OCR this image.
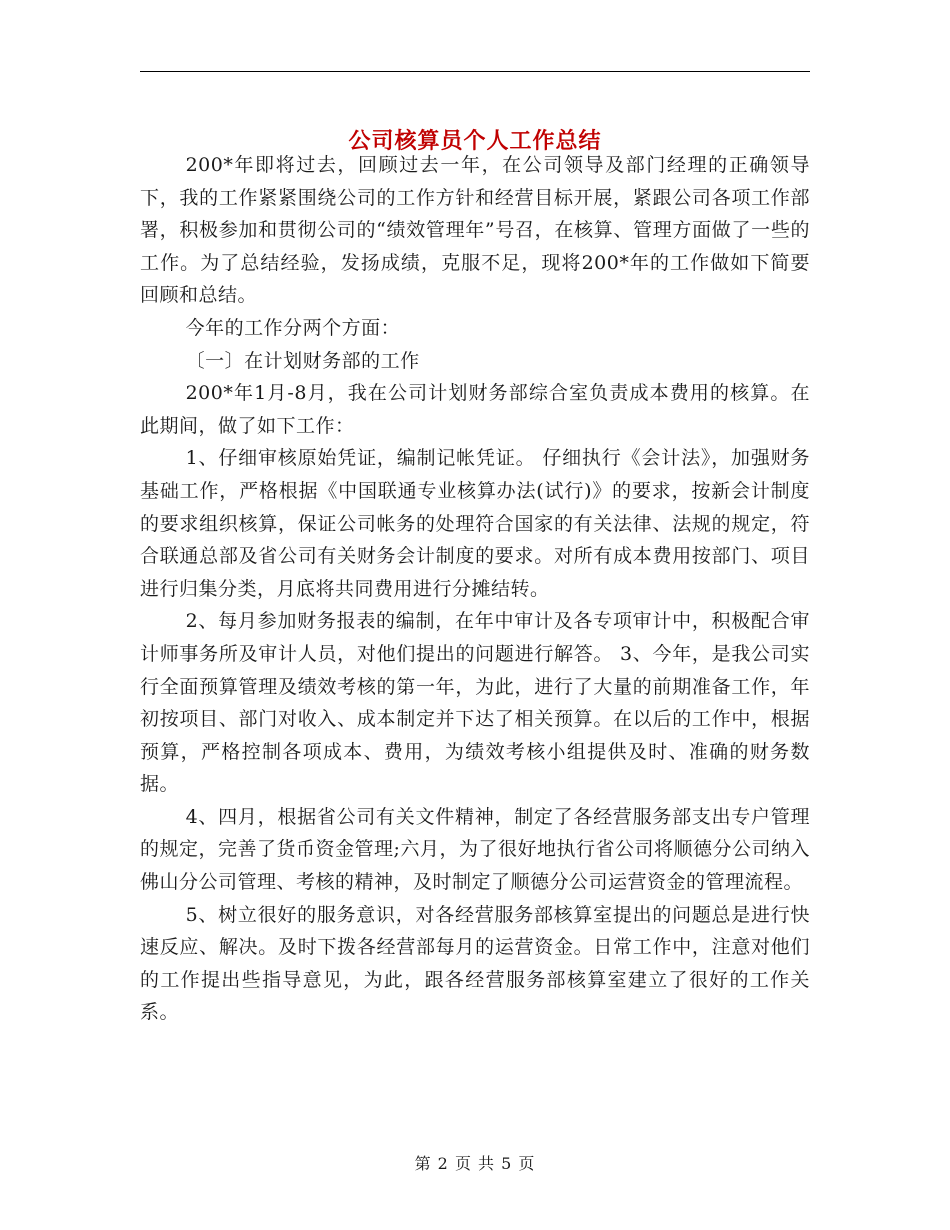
公司核算员个人工作总结

200*年即将过去，回顾过去一年，在公司领导及部门经理的正确领导下，我的工作紧紧围绕公司的工作方针和经营目标开展，紧跟公司各项工作部署，积极参加和贯彻公司的“绩效管理年”号召，在核算、管理方面做了一些的工作。为了总结经验，发扬成绩，克服不足，现将200*年的工作做如下简要回顾和总结。

今年的工作分两个方面：

〔一〕在计划财务部的工作

200*年1月-8月，我在公司计划财务部综合室负责成本费用的核算。在此期间，做了如下工作：

1、仔细审核原始凭证，编制记帐凭证。 仔细执行《会计法》，加强财务基础工作，严格根据《中国联通专业核算办法(试行)》的要求，按新会计制度的要求组织核算，保证公司帐务的处理符合国家的有关法律、法规的规定，符合联通总部及省公司有关财务会计制度的要求。对所有成本费用按部门、项目进行归集分类，月底将共同费用进行分摊结转。

2、每月参加财务报表的编制，在年中审计及各专项审计中，积极配合审计师事务所及审计人员，对他们提出的问题进行解答。 3、今年，是我公司实行全面预算管理及绩效考核的第一年，为此，进行了大量的前期准备工作，年初按项目、部门对收入、成本制定并下达了相关预算。在以后的工作中，根据预算，严格控制各项成本、费用，为绩效考核小组提供及时、准确的财务数据。

4、四月，根据省公司有关文件精神，制定了各经营服务部支出专户管理的规定，完善了货币资金管理;六月，为了很好地执行省公司将顺德分公司纳入佛山分公司管理、考核的精神，及时制定了顺德分公司运营资金的管理流程。

5、树立很好的服务意识，对各经营服务部核算室提出的问题总是进行快速反应、解决。及时下拨各经营部每月的运营资金。日常工作中，注意对他们的工作提出些指导意见，为此，跟各经营服务部核算室建立了很好的工作关系。

第 2 页 共 5 页
